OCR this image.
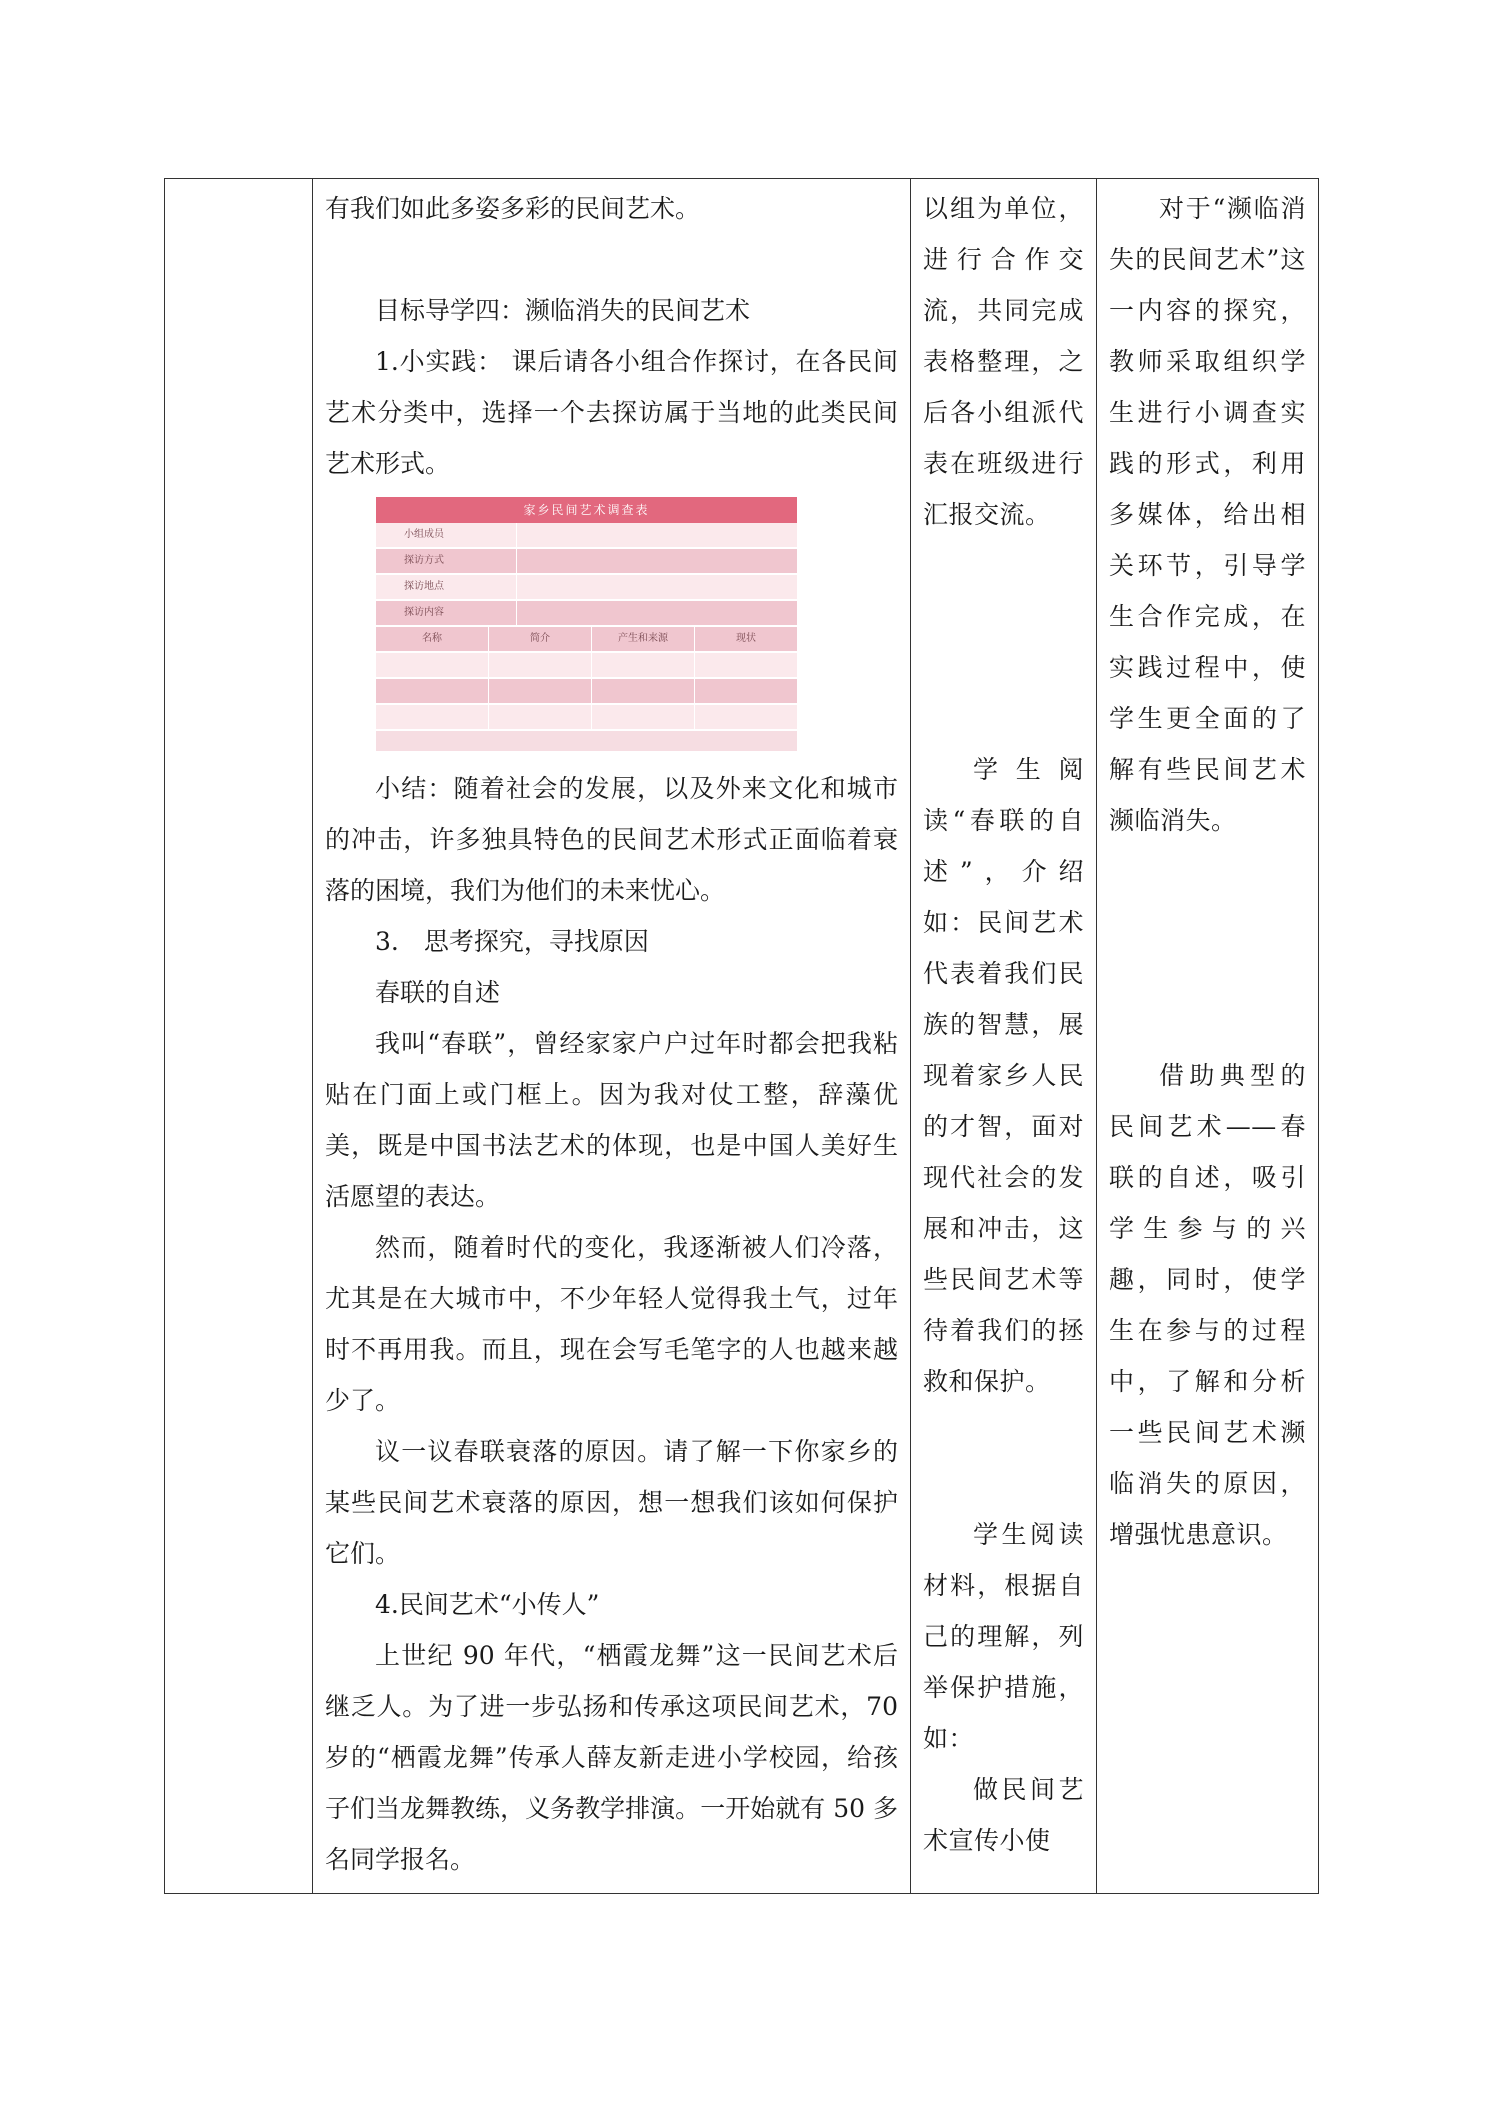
有我们如此多姿多彩的民间艺术。

目标导学四：濒临消失的民间艺术

1.小实践： 课后请各小组合作探讨，在各民间艺术分类中，选择一个去探访属于当地的此类民间艺术形式。

家乡民间艺术调查表
小组成员
探访方式
探访地点
探访内容
名称	简介	产生和来源	现状

小结：随着社会的发展，以及外来文化和城市的冲击，许多独具特色的民间艺术形式正面临着衰落的困境，我们为他们的未来忧心。

3.　思考探究，寻找原因

春联的自述

我叫“春联”，曾经家家户户过年时都会把我粘贴在门面上或门框上。因为我对仗工整，辞藻优美，既是中国书法艺术的体现，也是中国人美好生活愿望的表达。

然而，随着时代的变化，我逐渐被人们冷落，尤其是在大城市中，不少年轻人觉得我土气，过年时不再用我。而且，现在会写毛笔字的人也越来越少了。

议一议春联衰落的原因。请了解一下你家乡的某些民间艺术衰落的原因，想一想我们该如何保护它们。

4.民间艺术“小传人”

上世纪 90 年代，“栖霞龙舞”这一民间艺术后继乏人。为了进一步弘扬和传承这项民间艺术，70 岁的“栖霞龙舞”传承人薛友新走进小学校园，给孩子们当龙舞教练，义务教学排演。一开始就有 50 多名同学报名。

以组为单位，进行合作交流，共同完成表格整理，之后各小组派代表在班级进行汇报交流。

学生阅读“春联的自述”，介绍如：民间艺术代表着我们民族的智慧，展现着家乡人民的才智，面对现代社会的发展和冲击，这些民间艺术等待着我们的拯救和保护。

学生阅读材料，根据自己的理解，列举保护措施，如：

做民间艺术宣传小使

对于“濒临消失的民间艺术”这一内容的探究，教师采取组织学生进行小调查实践的形式，利用多媒体，给出相关环节，引导学生合作完成，在实践过程中，使学生更全面的了解有些民间艺术濒临消失。

借助典型的民间艺术——春联的自述，吸引学生参与的兴趣，同时，使学生在参与的过程中，了解和分析一些民间艺术濒临消失的原因，增强忧患意识。
